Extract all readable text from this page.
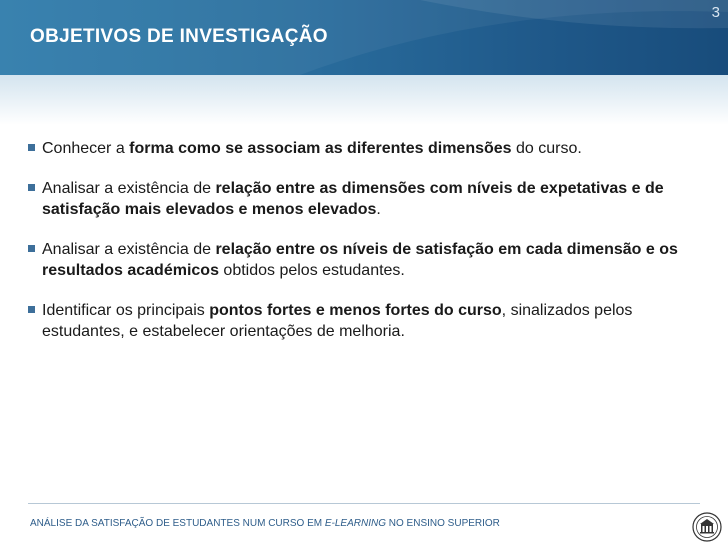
3
OBJETIVOS DE INVESTIGAÇÃO
Conhecer a forma como se associam as diferentes dimensões do curso.
Analisar a existência de relação entre as dimensões com níveis de expetativas e de satisfação mais elevados e menos elevados.
Analisar a existência de relação entre os níveis de satisfação em cada dimensão e os resultados académicos obtidos pelos estudantes.
Identificar os principais pontos fortes e menos fortes do curso, sinalizados pelos estudantes, e estabelecer orientações de melhoria.
ANÁLISE DA SATISFAÇÃO DE ESTUDANTES NUM CURSO EM E-LEARNING NO ENSINO SUPERIOR
